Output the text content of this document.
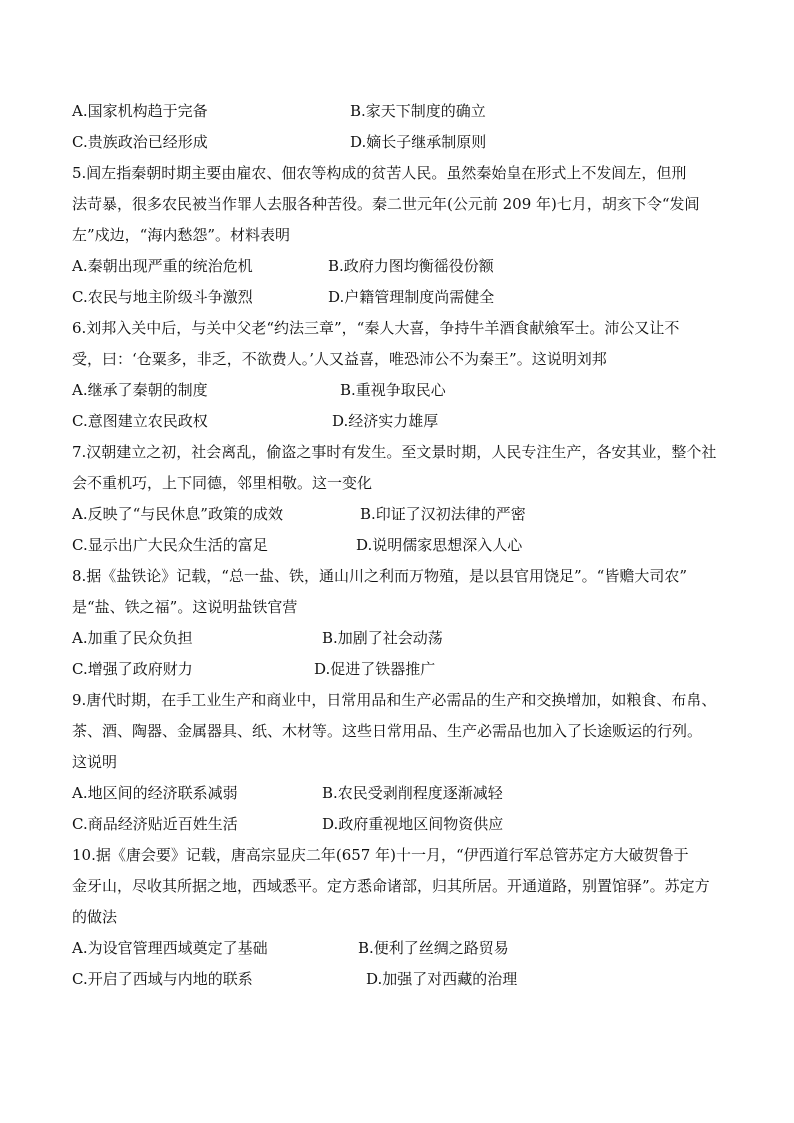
A.国家机构趋于完备	B.家天下制度的确立
C.贵族政治已经形成	D.嫡长子继承制原则
5.闾左指秦朝时期主要由雇农、佃农等构成的贫苦人民。虽然秦始皇在形式上不发闾左，但刑
法苛暴，很多农民被当作罪人去服各种苦役。秦二世元年(公元前 209 年)七月，胡亥下令“发闾
左”戍边，“海内愁怨”。材料表明
A.秦朝出现严重的统治危机	B.政府力图均衡徭役份额
C.农民与地主阶级斗争激烈	D.户籍管理制度尚需健全
6.刘邦入关中后，与关中父老“约法三章”，“秦人大喜，争持牛羊酒食献飨军士。沛公又让不
受，曰：‘仓粟多，非乏，不欲费人。’人又益喜，唯恐沛公不为秦王”。这说明刘邦
A.继承了秦朝的制度	B.重视争取民心
C.意图建立农民政权	D.经济实力雄厚
7.汉朝建立之初，社会离乱，偷盗之事时有发生。至文景时期，人民专注生产，各安其业，整个社
会不重机巧，上下同德，邻里相敬。这一变化
A.反映了“与民休息”政策的成效	B.印证了汉初法律的严密
C.显示出广大民众生活的富足	D.说明儒家思想深入人心
8.据《盐铁论》记载，“总一盐、铁，通山川之利而万物殖，是以县官用饶足”。“皆赡大司农”
是“盐、铁之福”。这说明盐铁官营
A.加重了民众负担	B.加剧了社会动荡
C.增强了政府财力	D.促进了铁器推广
9.唐代时期，在手工业生产和商业中，日常用品和生产必需品的生产和交换增加，如粮食、布帛、
茶、酒、陶器、金属器具、纸、木材等。这些日常用品、生产必需品也加入了长途贩运的行列。
这说明
A.地区间的经济联系减弱	B.农民受剥削程度逐渐减轻
C.商品经济贴近百姓生活	D.政府重视地区间物资供应
10.据《唐会要》记载，唐高宗显庆二年(657 年)十一月，“伊西道行军总管苏定方大破贺鲁于
金牙山，尽收其所据之地，西域悉平。定方悉命诸部，归其所居。开通道路，别置馆驿”。苏定方
的做法
A.为设官管理西域奠定了基础	B.便利了丝绸之路贸易
C.开启了西域与内地的联系	D.加强了对西藏的治理
